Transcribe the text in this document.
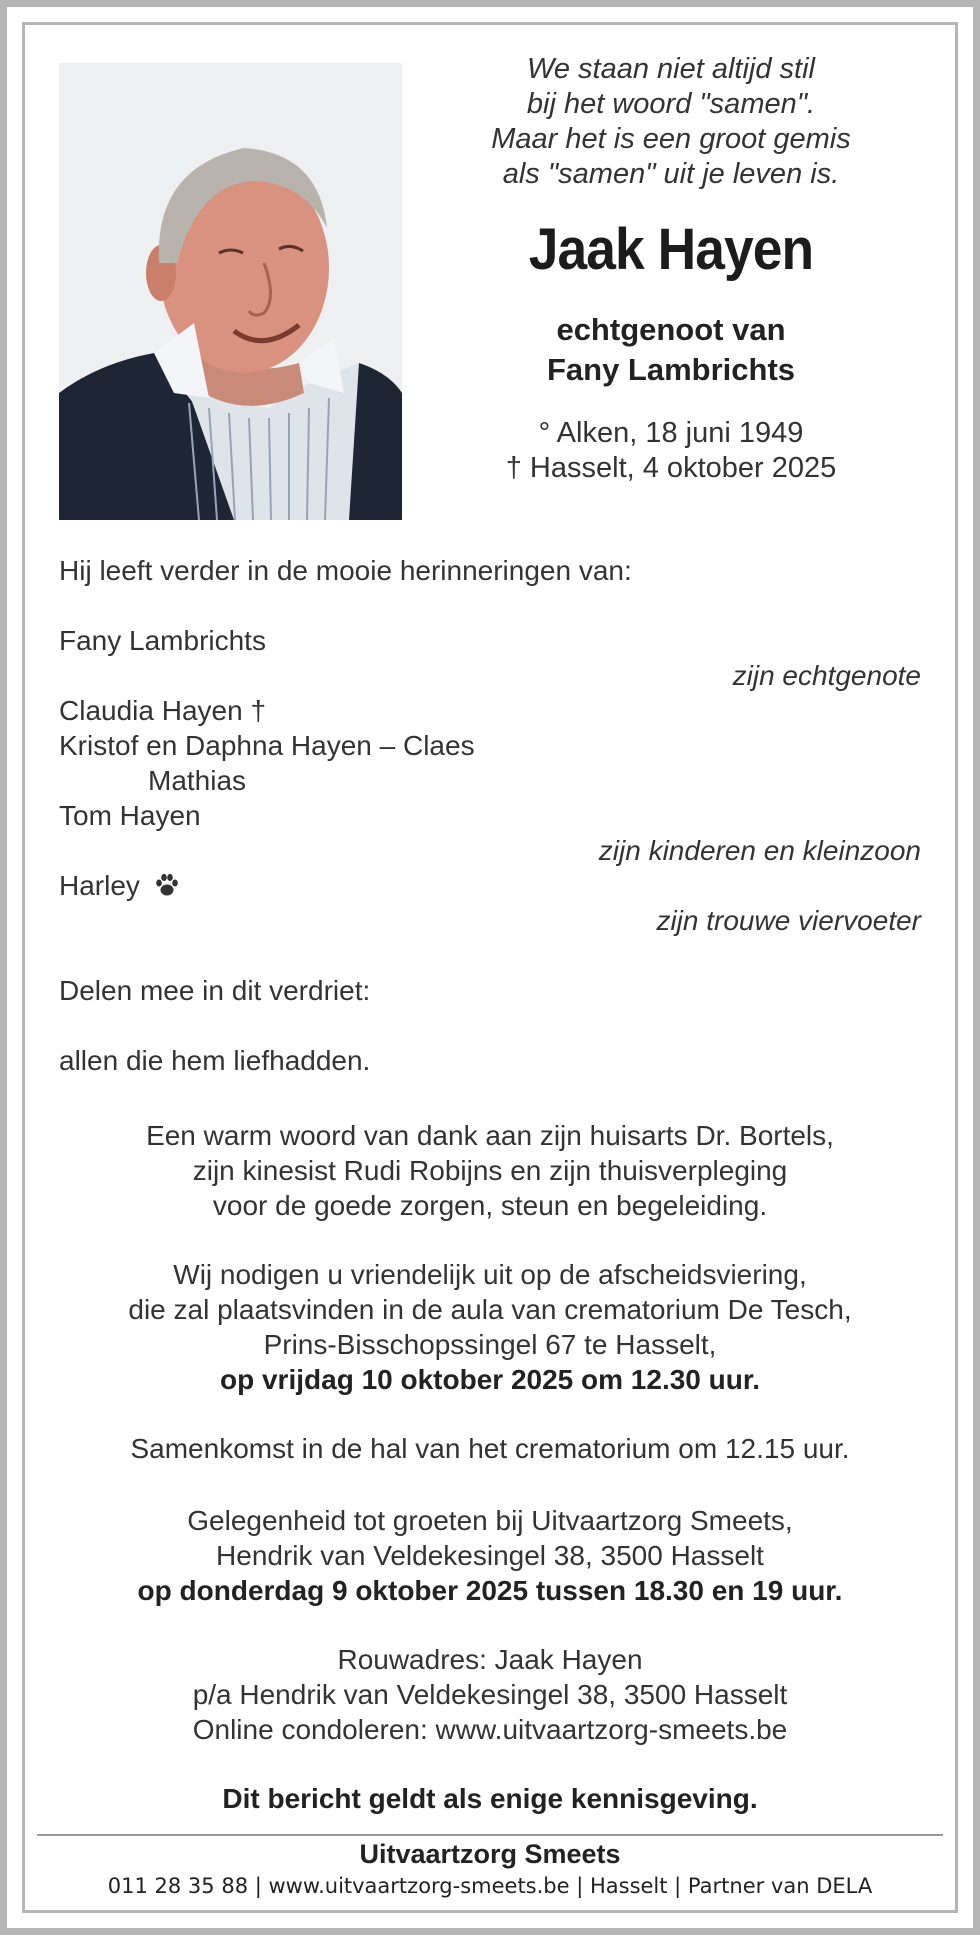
We staan niet altijd stil
bij het woord "samen".
Maar het is een groot gemis
als "samen" uit je leven is.
Jaak Hayen
echtgenoot van
Fany Lambrichts
° Alken, 18 juni 1949
† Hasselt, 4 oktober 2025
Hij leeft verder in de mooie herinneringen van:
Fany Lambrichts
zijn echtgenote
Claudia Hayen †
Kristof en Daphna Hayen – Claes
Mathias
Tom Hayen
zijn kinderen en kleinzoon
Harley
zijn trouwe viervoeter
Delen mee in dit verdriet:
allen die hem liefhadden.
Een warm woord van dank aan zijn huisarts Dr. Bortels,
zijn kinesist Rudi Robijns en zijn thuisverpleging
voor de goede zorgen, steun en begeleiding.
Wij nodigen u vriendelijk uit op de afscheidsviering,
die zal plaatsvinden in de aula van crematorium De Tesch,
Prins-Bisschopssingel 67 te Hasselt,
op vrijdag 10 oktober 2025 om 12.30 uur.
Samenkomst in de hal van het crematorium om 12.15 uur.
Gelegenheid tot groeten bij Uitvaartzorg Smeets,
Hendrik van Veldekesingel 38, 3500 Hasselt
op donderdag 9 oktober 2025 tussen 18.30 en 19 uur.
Rouwadres: Jaak Hayen
p/a Hendrik van Veldekesingel 38, 3500 Hasselt
Online condoleren: www.uitvaartzorg-smeets.be
Dit bericht geldt als enige kennisgeving.
Uitvaartzorg Smeets
011 28 35 88 | www.uitvaartzorg-smeets.be | Hasselt | Partner van DELA
